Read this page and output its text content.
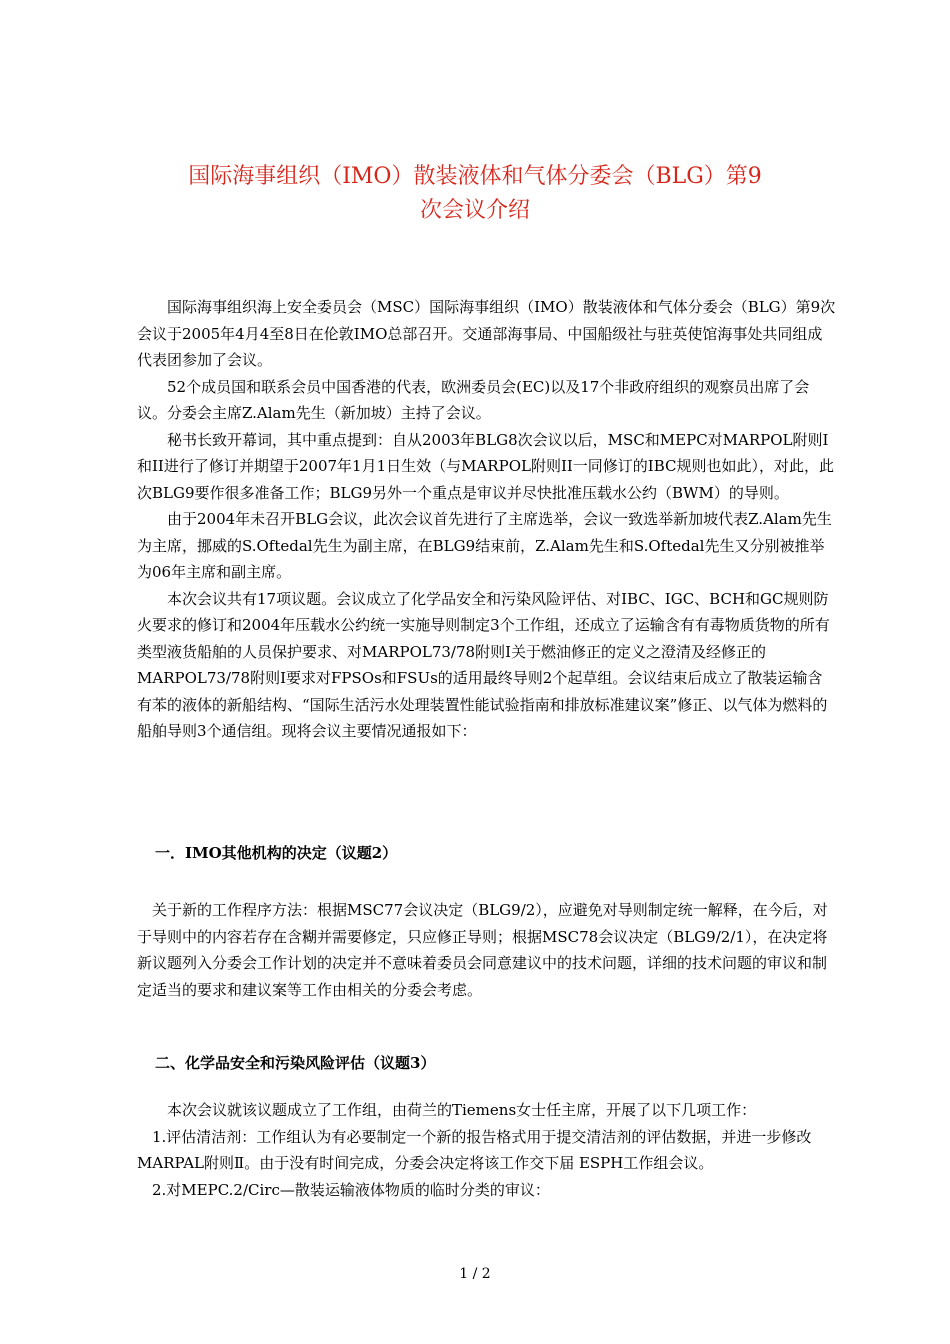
国际海事组织（IMO）散装液体和气体分委会（BLG）第9
次会议介绍

国际海事组织海上安全委员会（MSC）国际海事组织（IMO）散装液体和气体分委会（BLG）第9次会议于2005年4月4至8日在伦敦IMO总部召开。交通部海事局、中国船级社与驻英使馆海事处共同组成代表团参加了会议。

52个成员国和联系会员中国香港的代表，欧洲委员会(EC)以及17个非政府组织的观察员出席了会议。分委会主席Z.Alam先生（新加坡）主持了会议。

秘书长致开幕词，其中重点提到：自从2003年BLG8次会议以后，MSC和MEPC对MARPOL附则I和II进行了修订并期望于2007年1月1日生效（与MARPOL附则II一同修订的IBC规则也如此），对此，此次BLG9要作很多准备工作；BLG9另外一个重点是审议并尽快批准压载水公约（BWM）的导则。

由于2004年未召开BLG会议，此次会议首先进行了主席选举，会议一致选举新加坡代表Z.Alam先生为主席，挪威的S.Oftedal先生为副主席，在BLG9结束前，Z.Alam先生和S.Oftedal先生又分别被推举为06年主席和副主席。

本次会议共有17项议题。会议成立了化学品安全和污染风险评估、对IBC、IGC、BCH和GC规则防火要求的修订和2004年压载水公约统一实施导则制定3个工作组，还成立了运输含有有毒物质货物的所有类型液货船舶的人员保护要求、对MARPOL73/78附则I关于燃油修正的定义之澄清及经修正的MARPOL73/78附则I要求对FPSOs和FSUs的适用最终导则2个起草组。会议结束后成立了散装运输含有苯的液体的新船结构、“国际生活污水处理装置性能试验指南和排放标准建议案”修正、以气体为燃料的船舶导则3个通信组。现将会议主要情况通报如下：

一．IMO其他机构的决定（议题2）

关于新的工作程序方法：根据MSC77会议决定（BLG9/2），应避免对导则制定统一解释，在今后，对于导则中的内容若存在含糊并需要修定，只应修正导则；根据MSC78会议决定（BLG9/2/1），在决定将新议题列入分委会工作计划的决定并不意味着委员会同意建议中的技术问题，详细的技术问题的审议和制定适当的要求和建议案等工作由相关的分委会考虑。

二、化学品安全和污染风险评估（议题3）

本次会议就该议题成立了工作组，由荷兰的Tiemens女士任主席，开展了以下几项工作：

1.评估清洁剂：工作组认为有必要制定一个新的报告格式用于提交清洁剂的评估数据，并进一步修改MARPAL附则Ⅱ。由于没有时间完成，分委会决定将该工作交下届 ESPH工作组会议。

2.对MEPC.2/Circ—散装运输液体物质的临时分类的审议：

1 / 2
